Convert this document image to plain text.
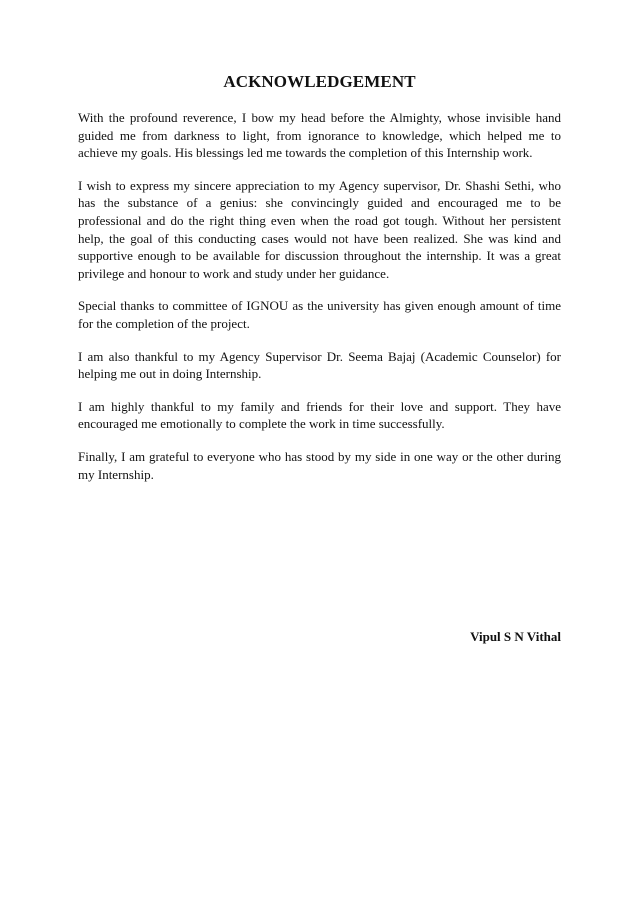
ACKNOWLEDGEMENT

With the profound reverence, I bow my head before the Almighty, whose invisible hand guided me from darkness to light, from ignorance to knowledge, which helped me to achieve my goals. His blessings led me towards the completion of this Internship work.

I wish to express my sincere appreciation to my Agency supervisor, Dr. Shashi Sethi, who has the substance of a genius: she convincingly guided and encouraged me to be professional and do the right thing even when the road got tough. Without her persistent help, the goal of this conducting cases would not have been realized. She was kind and supportive enough to be available for discussion throughout the internship. It was a great privilege and honour to work and study under her guidance.

Special thanks to committee of IGNOU as the university has given enough amount of time for the completion of the project.

I am also thankful to my Agency Supervisor Dr. Seema Bajaj (Academic Counselor) for helping me out in doing Internship.

I am highly thankful to my family and friends for their love and support. They have encouraged me emotionally to complete the work in time successfully.

Finally, I am grateful to everyone who has stood by my side in one way or the other during my Internship.

Vipul S N Vithal
